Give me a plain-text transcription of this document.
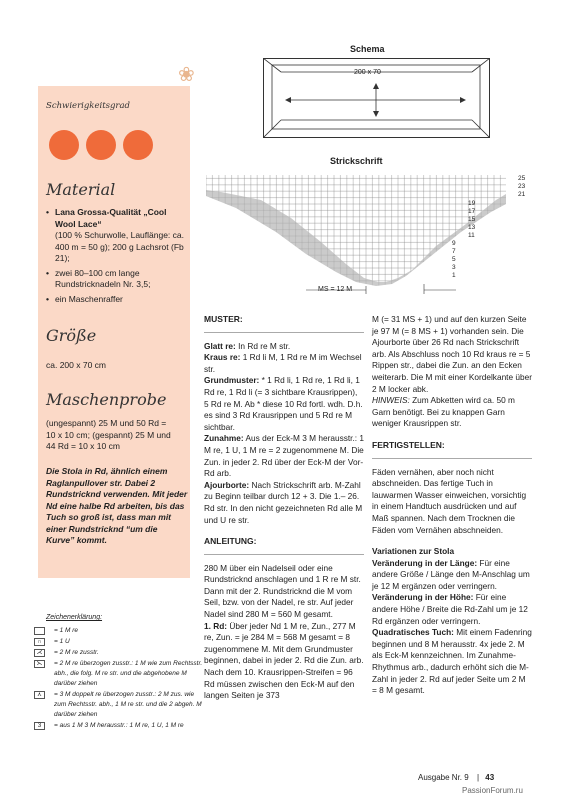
Schema
200 x 70
Strickschrift
25
23
21
19
17
15
13
11
9
7
5
3
1
MS = 12 M
❀
Schwierigkeitsgrad
Material
• Lana Grossa-Qualität „Cool Wool Lace“
(100 % Schurwolle, Lauflänge: ca. 400 m = 50 g); 200 g Lachsrot (Fb 21);
• zwei 80–100 cm lange Rundstricknadeln Nr. 3,5;
• ein Maschenraffer
Größe
ca. 200 x 70 cm
Maschenprobe
(ungespannt) 25 M und 50 Rd = 10 x 10 cm; (gespannt) 25 M und 44 Rd = 10 x 10 cm
Die Stola in Rd, ähnlich einem Raglanpullover str. Dabei 2 Rundstricknd verwenden. Mit jeder Nd eine halbe Rd arbeiten, bis das Tuch so groß ist, dass man mit einer Rundstricknd “um die Kurve” kommt.
Zeichenerklärung:
= 1 M re
∩	= 1 U
⋌	= 2 M re zusstr.
⋋	= 2 M re überzogen zusstr.: 1 M wie zum Rechtsstr. abh., die folg. M re str. und die abgehobene M darüber ziehen
⋏	= 3 M doppelt re überzogen zusstr.: 2 M zus. wie zum Rechtsstr. abh., 1 M re str. und die 2 abgeh. M darüber ziehen
3	= aus 1 M 3 M herausstr.: 1 M re, 1 U, 1 M re
MUSTER:

Glatt re: In Rd re M str.

Kraus re: 1 Rd li M, 1 Rd re M im Wechsel str.

Grundmuster: * 1 Rd li, 1 Rd re, 1 Rd li, 1 Rd re, 1 Rd li (= 3 sichtbare Krausrippen), 5 Rd re M. Ab * diese 10 Rd fortl. wdh. D.h. es sind 3 Rd Krausrippen und 5 Rd re M sichtbar.

Zunahme: Aus der Eck-M 3 M herausstr.: 1 M re, 1 U, 1 M re = 2 zugenommene M. Die Zun. in jeder 2. Rd über der Eck-M der Vor-Rd arb.

Ajourborte: Nach Strickschrift arb. M-Zahl zu Beginn teilbar durch 12 + 3. Die 1.– 26. Rd str. In den nicht gezeichneten Rd alle M und U re str.

ANLEITUNG:

280 M über ein Nadelseil oder eine Rundstricknd anschlagen und 1 R re M str. Dann mit der 2. Rundstricknd die M vom Seil, bzw. von der Nadel, re str. Auf jeder Nadel sind 280 M = 560 M gesamt.

1. Rd: Über jeder Nd 1 M re, Zun., 277 M re, Zun. = je 284 M = 568 M gesamt = 8 zugenommene M. Mit dem Grundmuster beginnen, dabei in jeder 2. Rd die Zun. arb. Nach dem 10. Krausrippen-Streifen = 96 Rd müssen zwischen den Eck-M auf den langen Seiten je 373

M (= 31 MS + 1) und auf den kurzen Seite je 97 M (= 8 MS + 1) vorhanden sein. Die Ajourborte über 26 Rd nach Strickschrift arb. Als Abschluss noch 10 Rd kraus re = 5 Rippen str., dabei die Zun. an den Ecken weiterarb. Die M mit einer Kordelkante über 2 M locker abk.

HINWEIS: Zum Abketten wird ca. 50 m Garn benötigt. Bei zu knappen Garn weniger Krausrippen str.

FERTIGSTELLEN:

Fäden vernähen, aber noch nicht abschneiden. Das fertige Tuch in lauwarmen Wasser einweichen, vorsichtig in einem Handtuch ausdrücken und auf Maß spannen. Nach dem Trocknen die Fäden vom Vernähen abschneiden.

Variationen zur Stola

Veränderung in der Länge: Für eine andere Größe / Länge den M-Anschlag um je 12 M ergänzen oder verringern.

Veränderung in der Höhe: Für eine andere Höhe / Breite die Rd-Zahl um je 12 Rd ergänzen oder verringern.

Quadratisches Tuch: Mit einem Fadenring beginnen und 8 M herausstr. 4x jede 2. M als Eck-M kennzeichnen. Im Zunahme-Rhythmus arb., dadurch erhöht sich die M-Zahl in jeder 2. Rd auf jeder Seite um 2 M = 8 M gesamt.

Ausgabe Nr. 9 | 43
PassionForum.ru
